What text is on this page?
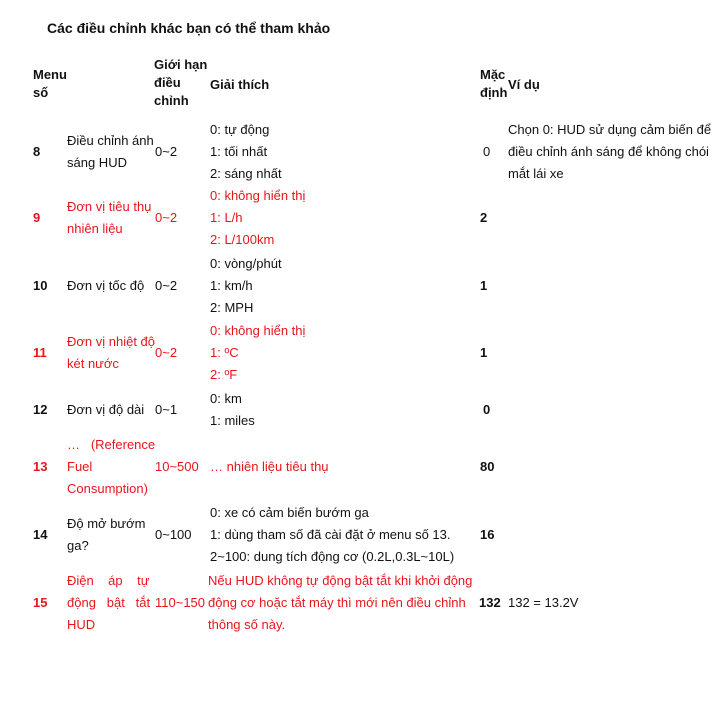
Các điều chỉnh khác bạn có thể tham khảo
Menu
số
Giới hạn
điều
chỉnh
Giải thích
Mặc
định
Ví dụ
8
Điều chỉnh ánh
sáng HUD
0~2
0: tự động
1: tối nhất
2: sáng nhất
0
Chọn 0: HUD sử dụng cảm biến để
điều chỉnh ánh sáng để không chói
mắt lái xe
9
Đơn vị tiêu thụ
nhiên liệu
0~2
0: không hiển thị
1: L/h
2: L/100km
2
10 Đơn vị tốc độ 0~2
0: vòng/phút
1: km/h
2: MPH
1
11
Đơn vị nhiệt độ
két nước
0~2
0: không hiển thị
1: ºC
2: ºF
1
12 Đơn vị độ dài 0~1
0: km
1: miles
0
13
…   (Reference
Fuel
Consumption)
10~500 … nhiên liệu tiêu thụ	80
14
Độ mở bướm
ga?
0~100
0: xe có cảm biến bướm ga
1: dùng tham số đã cài đặt ở menu số 13.
2~100: dung tích động cơ (0.2L,0.3L~10L)
16
15
Điện    áp    tự
động   bật   tắt
HUD
110~150
Nếu HUD không tự động bật tắt khi khởi động
động cơ hoặc tắt máy thì mới nên điều chỉnh
thông số này.
132 132 = 13.2V
